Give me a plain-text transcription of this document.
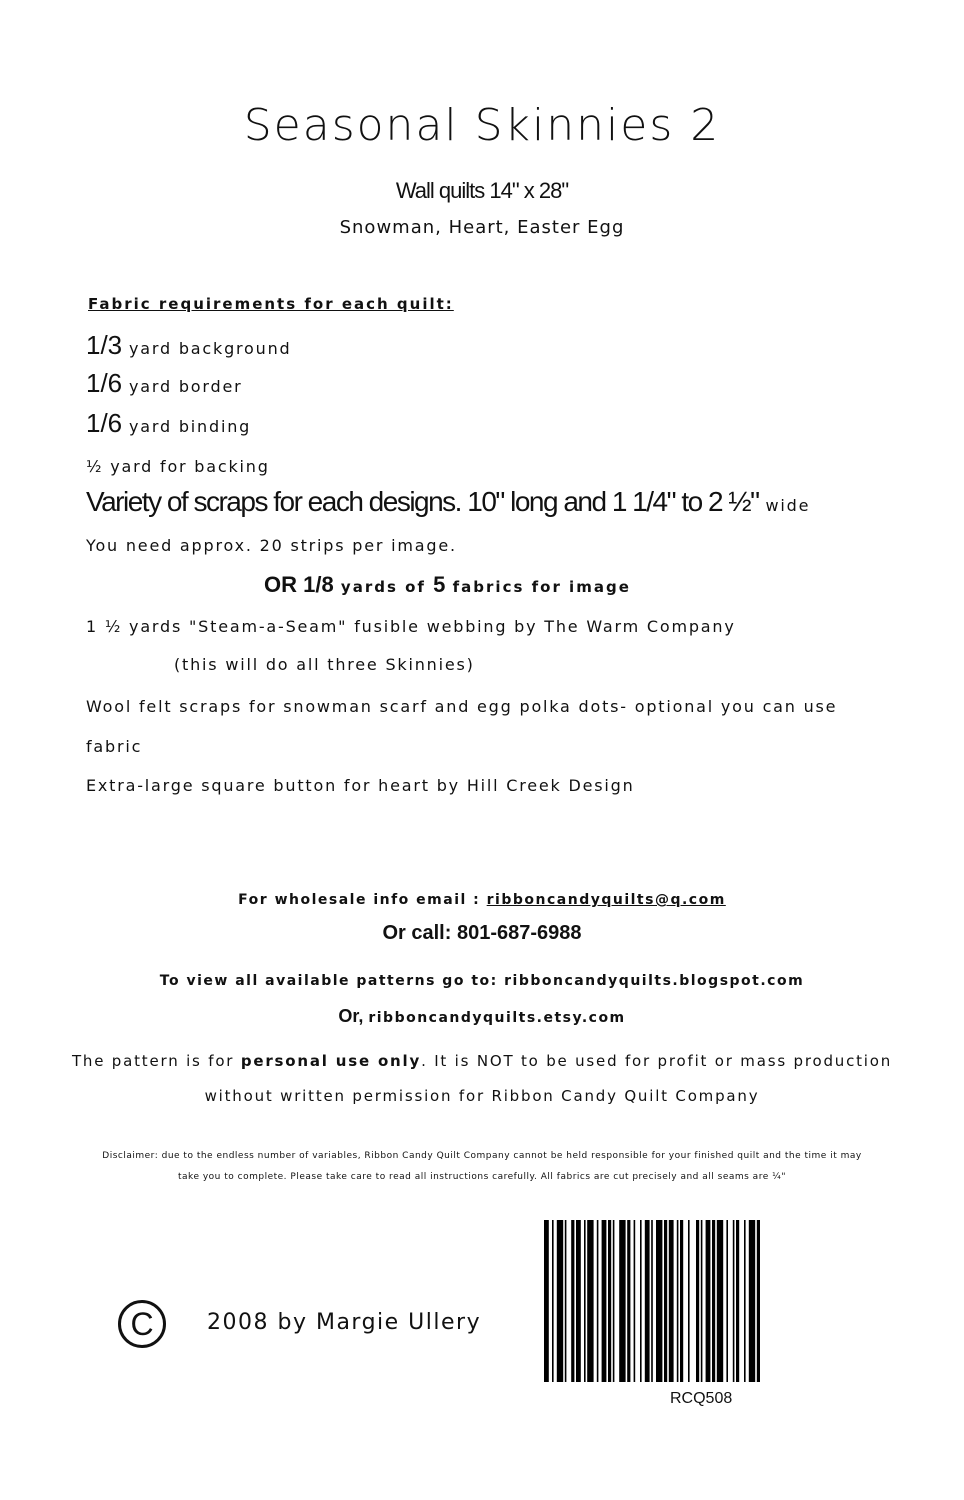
Seasonal Skinnies 2
Wall quilts 14" x 28"
Snowman, Heart, Easter Egg
Fabric requirements for each quilt:
1/3 yard background
1/6 yard border
1/6 yard binding
½ yard for backing
Variety of scraps for each designs. 10" long and 1 1/4" to 2 ½" wide
You need approx. 20 strips per image.
OR 1/8 yards of 5 fabrics for image
1 ½ yards "Steam-a-Seam" fusible webbing by The Warm Company
(this will do all three Skinnies)
Wool felt scraps for snowman scarf and egg polka dots- optional you can use
fabric
Extra-large square button for heart by Hill Creek Design
For wholesale info email : ribboncandyquilts@q.com
Or call: 801-687-6988
To view all available patterns go to: ribboncandyquilts.blogspot.com
Or, ribboncandyquilts.etsy.com
The pattern is for personal use only. It is NOT to be used for profit or mass production
without written permission for Ribbon Candy Quilt Company
Disclaimer: due to the endless number of variables, Ribbon Candy Quilt Company cannot be held responsible for your finished quilt and the time it may
take you to complete. Please take care to read all instructions carefully. All fabrics are cut precisely and all seams are ¼"
C	2008 by Margie Ullery
RCQ508
